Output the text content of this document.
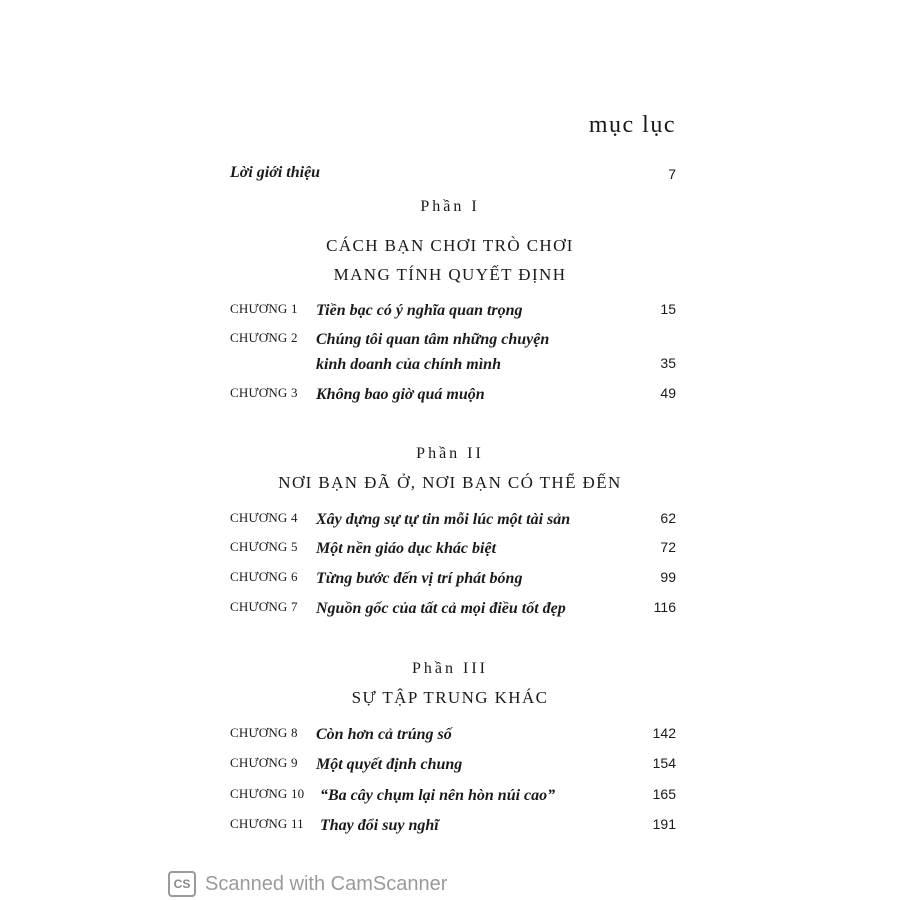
mục lục
Lời giới thiệu	7
Phần I
CÁCH BẠN CHƠI TRÒ CHƠI
MANG TÍNH QUYẾT ĐỊNH
CHƯƠNG 1 Tiền bạc có ý nghĩa quan trọng	15
CHƯƠNG 2 Chúng tôi quan tâm những chuyện
kinh doanh của chính mình	35
CHƯƠNG 3 Không bao giờ quá muộn	49
Phần II
NƠI BẠN ĐÃ Ở, NƠI BẠN CÓ THỂ ĐẾN
CHƯƠNG 4 Xây dựng sự tự tin mỗi lúc một tài sản	62
CHƯƠNG 5 Một nền giáo dục khác biệt	72
CHƯƠNG 6 Từng bước đến vị trí phát bóng	99
CHƯƠNG 7 Nguồn gốc của tất cả mọi điều tốt đẹp	116
Phần III
SỰ TẬP TRUNG KHÁC
CHƯƠNG 8 Còn hơn cả trúng số	142
CHƯƠNG 9 Một quyết định chung	154
CHƯƠNG 10 “Ba cây chụm lại nên hòn núi cao”	165
CHƯƠNG 11 Thay đổi suy nghĩ	191
CS Scanned with CamScanner
